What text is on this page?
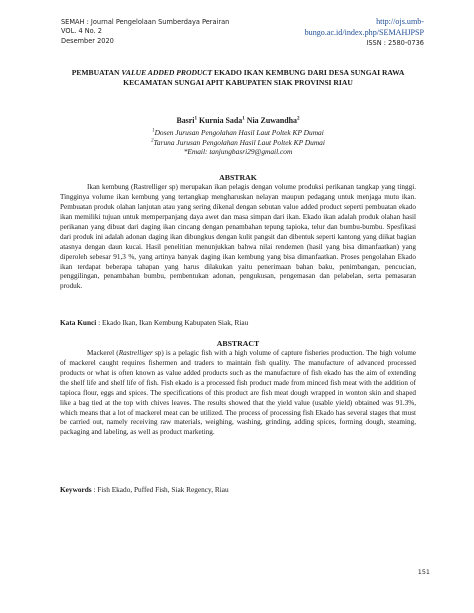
SEMAH : Journal Pengelolaan Sumberdaya Perairan
VOL. 4 No. 2
Desember 2020
http://ojs.umb-
bungo.ac.id/index.php/SEMAHJPSP
ISSN : 2580-0736
PEMBUATAN VALUE ADDED PRODUCT EKADO IKAN KEMBUNG DARI DESA SUNGAI RAWA KECAMATAN SUNGAI APIT KABUPATEN SIAK PROVINSI RIAU
Basri$^1$ Kurnia Sada$^1$ Nia Zuwandha$^2$
$^1$Dosen Jurusan Pengolahan Hasil Laut Poltek KP Dumai
$^2$Taruna Jurusan Pengolahan Hasil Laut Poltek KP Dumai
*Email: tanjungbasri29@gmail.com
ABSTRAK

Ikan kembung (Rastrelliger sp) merupakan ikan pelagis dengan volume produksi perikanan tangkap yang tinggi. Tingginya volume ikan kembung yang tertangkap mengharuskan nelayan maupun pedagang untuk menjaga mutu ikan. Pembuatan produk olahan lanjutan atau yang sering dikenal dengan sebutan value added product seperti pembuatan ekado ikan memiliki tujuan untuk memperpanjang daya awet dan masa simpan dari ikan. Ekado ikan adalah produk olahan hasil perikanan yang dibuat dari daging ikan cincang dengan penambahan tepung tapioka, telur dan bumbu-bumbu. Spesfikasi dari produk ini adalah adonan daging ikan dibungkus dengan kulit pangsit dan dibentuk seperti kantong yang diikat bagian atasnya dengan daun kucai. Hasil penelitian menunjukkan bahwa nilai rendemen (hasil yang bisa dimanfaatkan) yang diperoleh sebesar 91,3 %, yang artinya banyak daging ikan kembung yang bisa dimanfaatkan. Proses pengolahan Ekado ikan terdapat beberapa tahapan yang harus dilakukan yaitu penerimaan bahan baku, penimbangan, pencucian, penggilingan, penambahan bumbu, pembentukan adonan, pengukusan, pengemasan dan pelabelan, serta pemasaran produk.

Kata Kunci : Ekado Ikan, Ikan Kembung Kabupaten Siak, Riau
ABSTRACT

Mackerel (Rastrelliger sp) is a pelagic fish with a high volume of capture fisheries production. The high volume of mackerel caught requires fishermen and traders to maintain fish quality. The manufacture of advanced processed products or what is often known as value added products such as the manufacture of fish ekado has the aim of extending the shelf life and shelf life of fish. Fish ekado is a processed fish product made from minced fish meat with the addition of tapioca flour, eggs and spices. The specifications of this product are fish meat dough wrapped in wonton skin and shaped like a bag tied at the top with chives leaves. The results showed that the yield value (usable yield) obtained was 91.3%, which means that a lot of mackerel meat can be utilized. The process of processing fish Ekado has several stages that must be carried out, namely receiving raw materials, weighing, washing, grinding, adding spices, forming dough, steaming, packaging and labeling, as well as product marketing.

Keywords : Fish Ekado, Puffed Fish, Siak Regency, Riau
151
